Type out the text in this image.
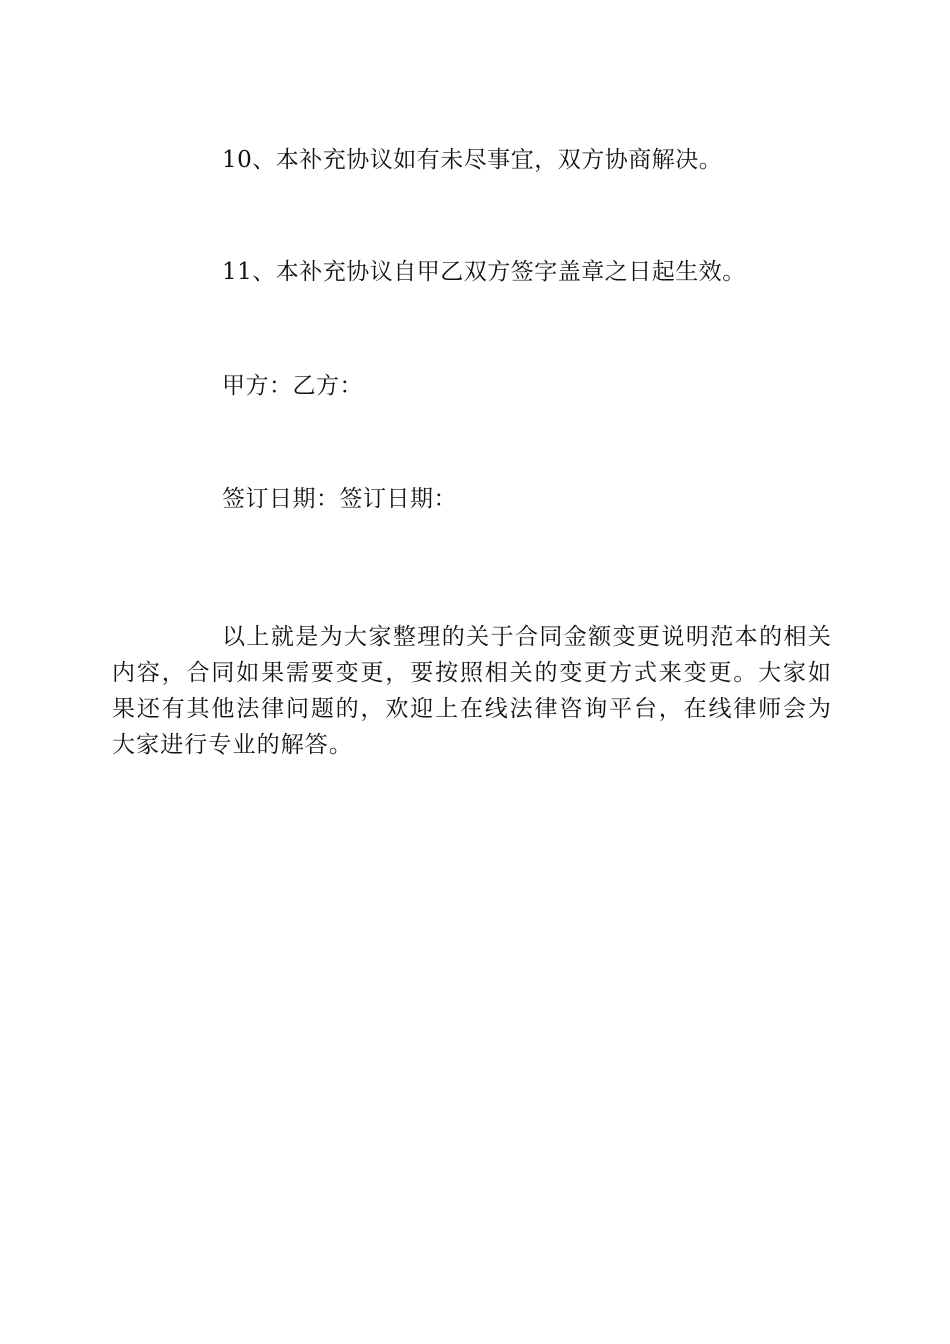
10、本补充协议如有未尽事宜，双方协商解决。
11、本补充协议自甲乙双方签字盖章之日起生效。
甲方：乙方：
签订日期：签订日期：

以上就是为大家整理的关于合同金额变更说明范本的相关内容，合同如果需要变更，要按照相关的变更方式来变更。大家如果还有其他法律问题的，欢迎上在线法律咨询平台，在线律师会为大家进行专业的解答。
